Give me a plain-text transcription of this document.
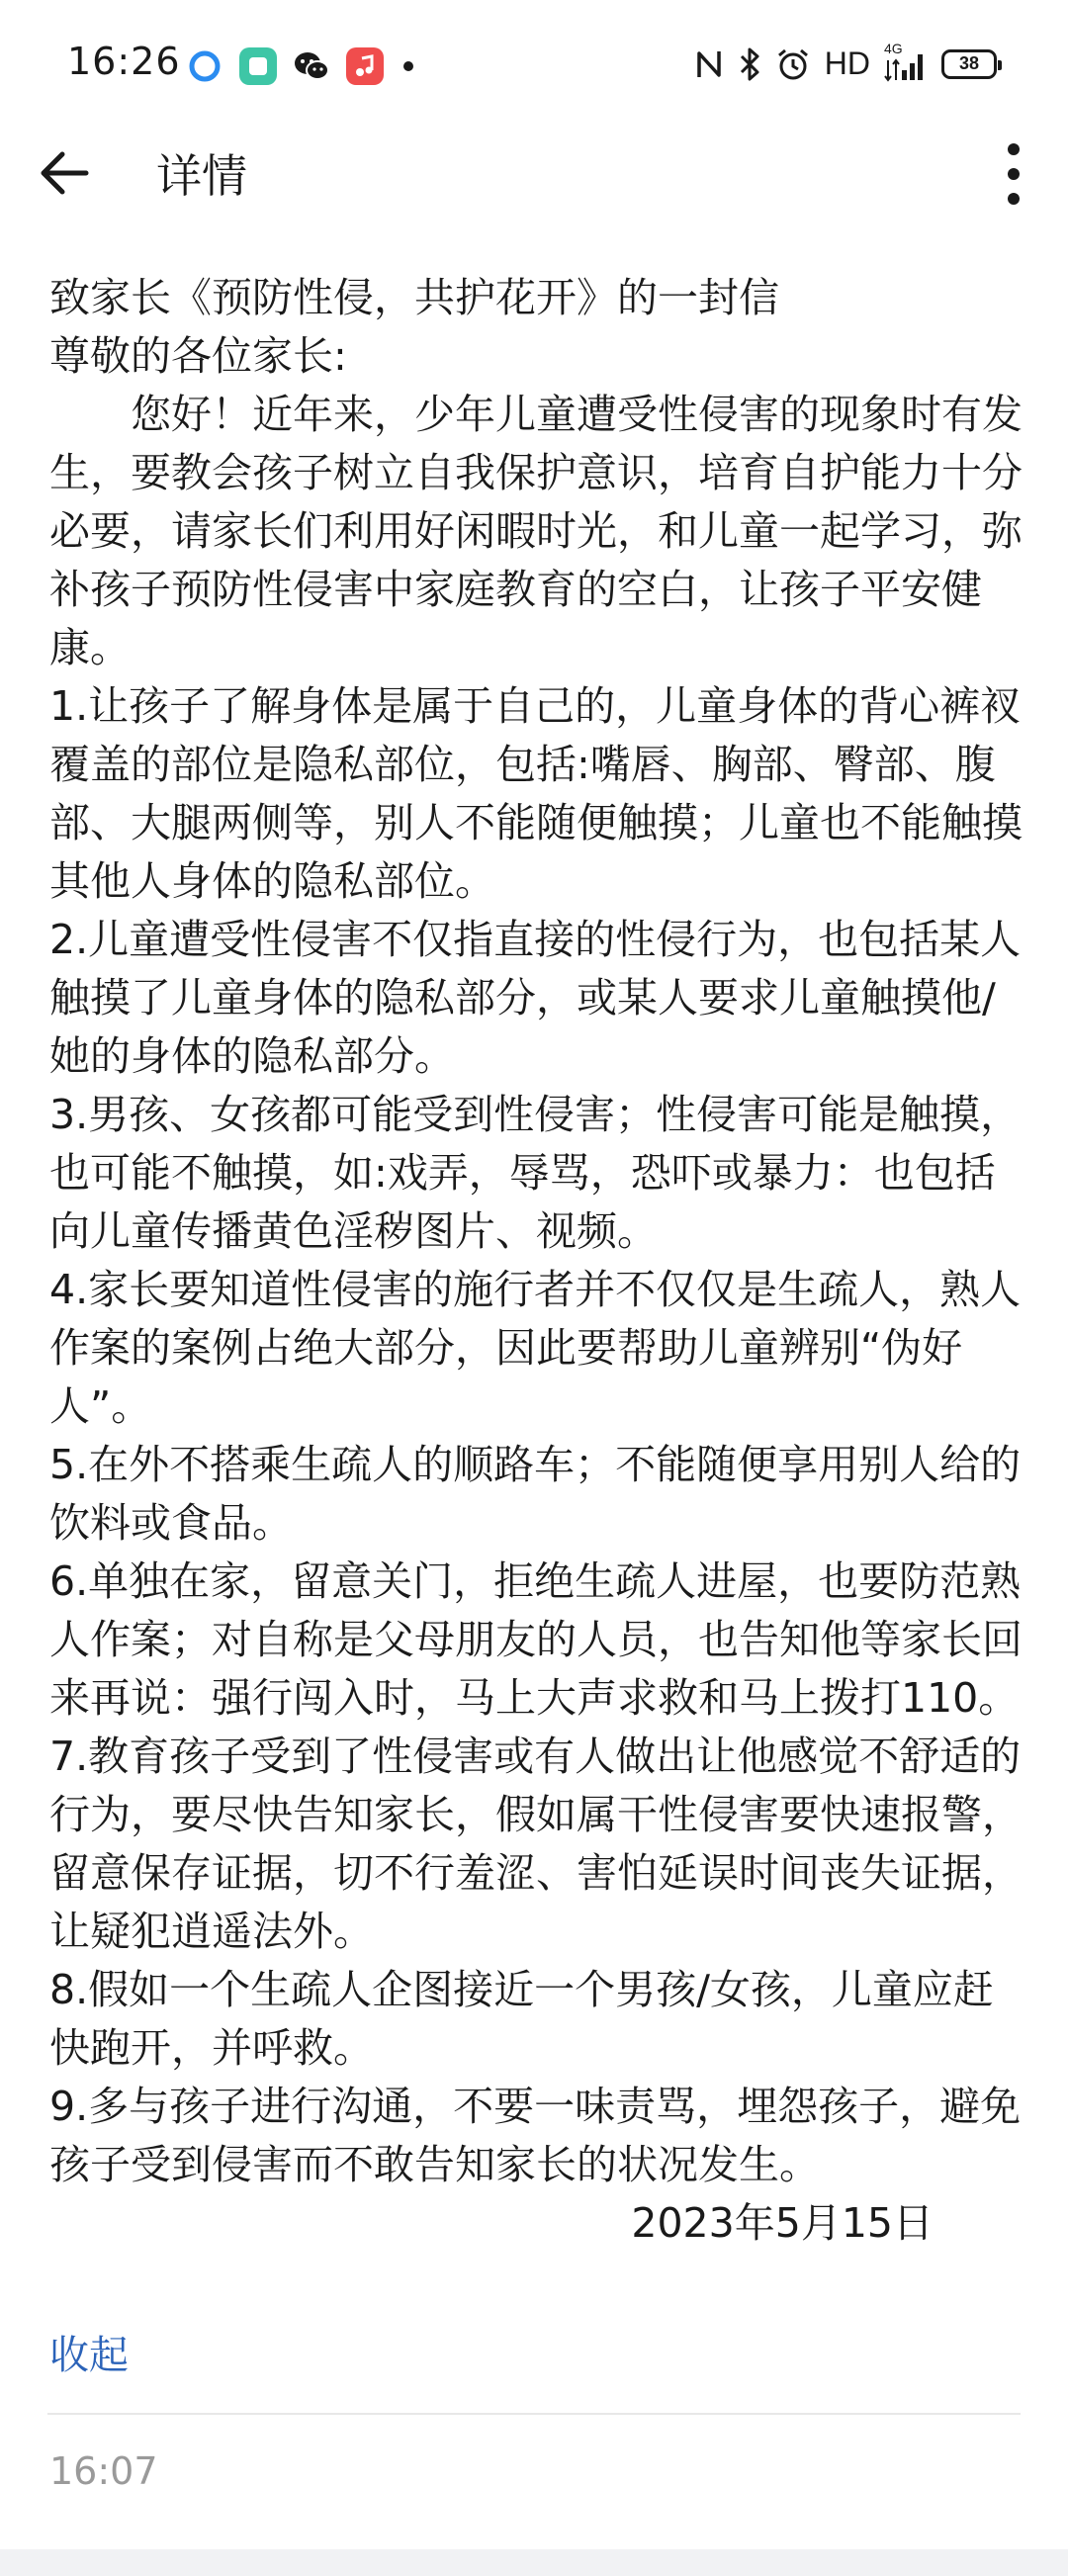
16:26	HD 4G
38
详情

致家长《预防性侵，共护花开》的一封信

尊敬的各位家长:

您好！近年来，少年儿童遭受性侵害的现象时有发生，要教会孩子树立自我保护意识，培育自护能力十分必要，请家长们利用好闲暇时光，和儿童一起学习，弥补孩子预防性侵害中家庭教育的空白，让孩子平安健康。

1.让孩子了解身体是属于自己的，儿童身体的背心裤衩覆盖的部位是隐私部位，包括:嘴唇、胸部、臀部、腹部、大腿两侧等，别人不能随便触摸；儿童也不能触摸其他人身体的隐私部位。

2.儿童遭受性侵害不仅指直接的性侵行为，也包括某人触摸了儿童身体的隐私部分，或某人要求儿童触摸他/她的身体的隐私部分。

3.男孩、女孩都可能受到性侵害；性侵害可能是触摸，也可能不触摸，如:戏弄，辱骂，恐吓或暴力：也包括向儿童传播黄色淫秽图片、视频。

4.家长要知道性侵害的施行者并不仅仅是生疏人，熟人作案的案例占绝大部分，因此要帮助儿童辨别“伪好人”。

5.在外不搭乘生疏人的顺路车；不能随便享用别人给的饮料或食品。

6.单独在家，留意关门，拒绝生疏人进屋，也要防范熟人作案；对自称是父母朋友的人员，也告知他等家长回来再说：强行闯入时，马上大声求救和马上拨打110。

7.教育孩子受到了性侵害或有人做出让他感觉不舒适的行为，要尽快告知家长，假如属干性侵害要快速报警，留意保存证据，切不行羞涩、害怕延误时间丧失证据，让疑犯逍遥法外。

8.假如一个生疏人企图接近一个男孩/女孩，儿童应赶快跑开，并呼救。

9.多与孩子进行沟通，不要一味责骂，埋怨孩子，避免孩子受到侵害而不敢告知家长的状况发生。

2023年5月15日

收起
16:07
